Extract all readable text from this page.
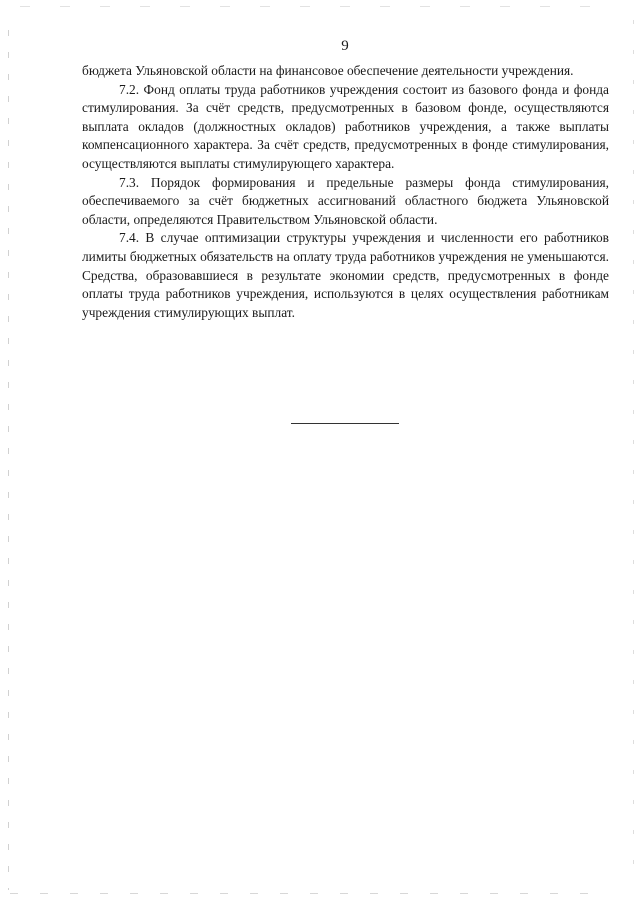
9

бюджета Ульяновской области на финансовое обеспечение деятельности учреждения.

7.2. Фонд оплаты труда работников учреждения состоит из базового фонда и фонда стимулирования. За счёт средств, предусмотренных в базовом фонде, осуществляются выплата окладов (должностных окладов) работников учреждения, а также выплаты компенсационного характера. За счёт средств, предусмотренных в фонде стимулирования, осуществляются выплаты стимулирующего характера.

7.3. Порядок формирования и предельные размеры фонда стимулирования, обеспечиваемого за счёт бюджетных ассигнований областного бюджета Ульяновской области, определяются Правительством Ульяновской области.

7.4. В случае оптимизации структуры учреждения и численности его работников лимиты бюджетных обязательств на оплату труда работников учреждения не уменьшаются. Средства, образовавшиеся в результате экономии средств, предусмотренных в фонде оплаты труда работников учреждения, используются в целях осуществления работникам учреждения стимулирующих выплат.
